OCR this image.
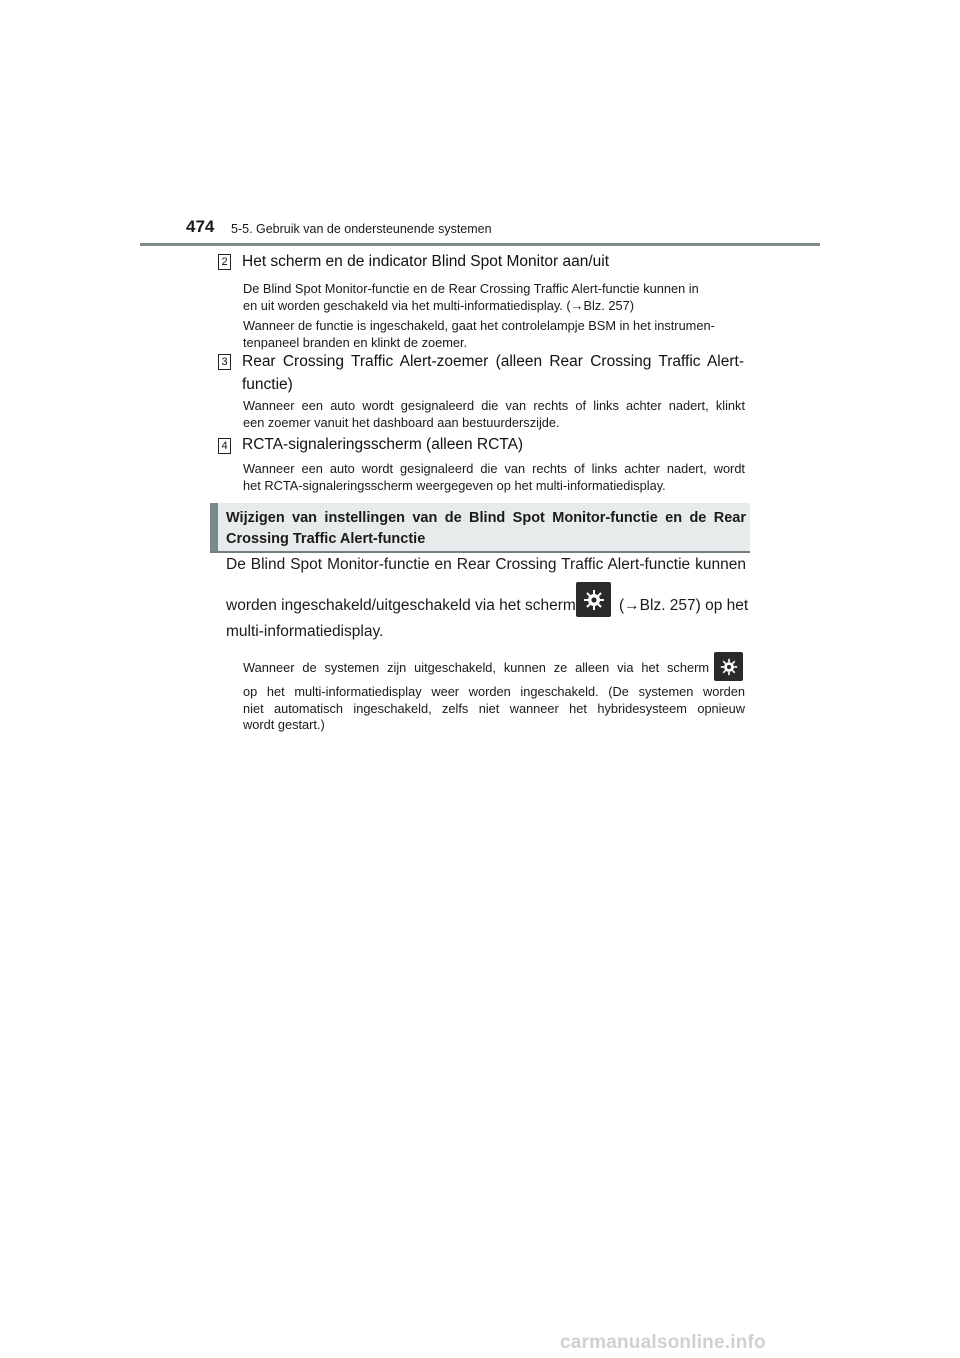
474 5-5. Gebruik van de ondersteunende systemen
2 Het scherm en de indicator Blind Spot Monitor aan/uit
De Blind Spot Monitor-functie en de Rear Crossing Traffic Alert-functie kunnen in
en uit worden geschakeld via het multi-informatiedisplay. (→Blz. 257)
Wanneer de functie is ingeschakeld, gaat het controlelampje BSM in het instrumen-
tenpaneel branden en klinkt de zoemer.
3 Rear Crossing Traffic Alert-zoemer (alleen Rear Crossing Traffic Alert-
functie)
Wanneer een auto wordt gesignaleerd die van rechts of links achter nadert, klinkt
een zoemer vanuit het dashboard aan bestuurderszijde.
4 RCTA-signaleringsscherm (alleen RCTA)
Wanneer een auto wordt gesignaleerd die van rechts of links achter nadert, wordt
het RCTA-signaleringsscherm weergegeven op het multi-informatiedisplay.
Wijzigen van instellingen van de Blind Spot Monitor-functie en de Rear
Crossing Traffic Alert-functie
De Blind Spot Monitor-functie en Rear Crossing Traffic Alert-functie kunnen
worden ingeschakeld/uitgeschakeld via het scherm	(→Blz. 257) op het
multi-informatiedisplay.
Wanneer de systemen zijn uitgeschakeld, kunnen ze alleen via het scherm
op het multi-informatiedisplay weer worden ingeschakeld. (De systemen worden
niet automatisch ingeschakeld, zelfs niet wanneer het hybridesysteem opnieuw
wordt gestart.)
carmanualsonline.info
